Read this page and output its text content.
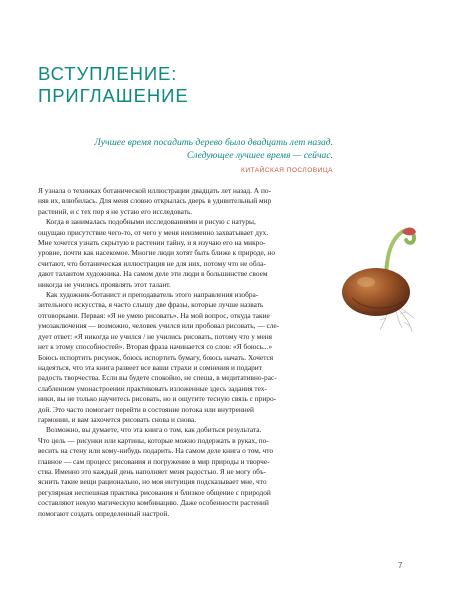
ВСТУПЛЕНИЕ:
ПРИГЛАШЕНИЕ
Лучшее время посадить дерево было двадцать лет назад.
Следующее лучшее время — сейчас.
КИТАЙСКАЯ ПОСЛОВИЦА

Я узнала о техниках ботанической иллюстрации двадцать лет назад. А по-
няв их, влюбилась. Для меня словно открылась дверь в удивительный мир
растений, и с тех пор я не устаю его исследовать.

Когда я занималась подобными исследованиями и рисую с натуры,
ощущаю присутствие чего-то, от чего у меня неизменно захватывает дух.
Мне хочется узнать скрытую в растении тайну, и я изучаю его на микро-
уровне, почти как насекомое. Многие люди хотят быть ближе к природе, но
считают, что ботаническая иллюстрация не для них, потому что не обла-
дают талантом художника. На самом деле эти люди в большинстве своем
никогда не учились проявлять этот талант.

Как художник-ботанист и преподаватель этого направления изобра-
зительного искусства, я часто слышу две фразы, которые лучше назвать
отговорками. Первая: «Я не умею рисовать». На мой вопрос, откуда такие
умозаключения — возможно, человек учился или пробовал рисовать, — сле-
дует ответ: «Я никогда не учился / не учились рисовать, потому что у меня
нет к этому способностей». Вторая фраза начинается со слов: «Я боюсь...»
Боюсь испортить рисунок, боюсь испортить бумагу, боюсь начать. Хочется
надеяться, что эта книга развеет все ваши страхи и сомнения и подарит
радость творчества. Если вы будете спокойно, не спеша, в медитативно-рас-
слабленном умонастроении практиковать изложенные здесь задания тех-
ники, вы не только научитесь рисовать, но и ощутите тесную связь с приро-
дой. Это часто помогает перейти в состояние потока или внутренней
гармонии, и вам захочется рисовать снова и снова.

Возможно, вы думаете, что эта книга о том, как добиться результата.
Что цель — рисунки или картины, которые можно подержать в руках, по-
весить на стену или кому-нибудь подарить. На самом деле книга о том, что
главное — сам процесс рисования и погружение в мир природы и творче-
ства. Именно это каждый день наполняет меня радостью. Я не могу объ-
яснить такие вещи рационально, но моя интуиция подсказывает мне, что
регулярная неспешная практика рисования и близкое общение с природой
составляют некую магическую комбинацию. Даже особенности растений
помогают создать определенный настрой.

7
